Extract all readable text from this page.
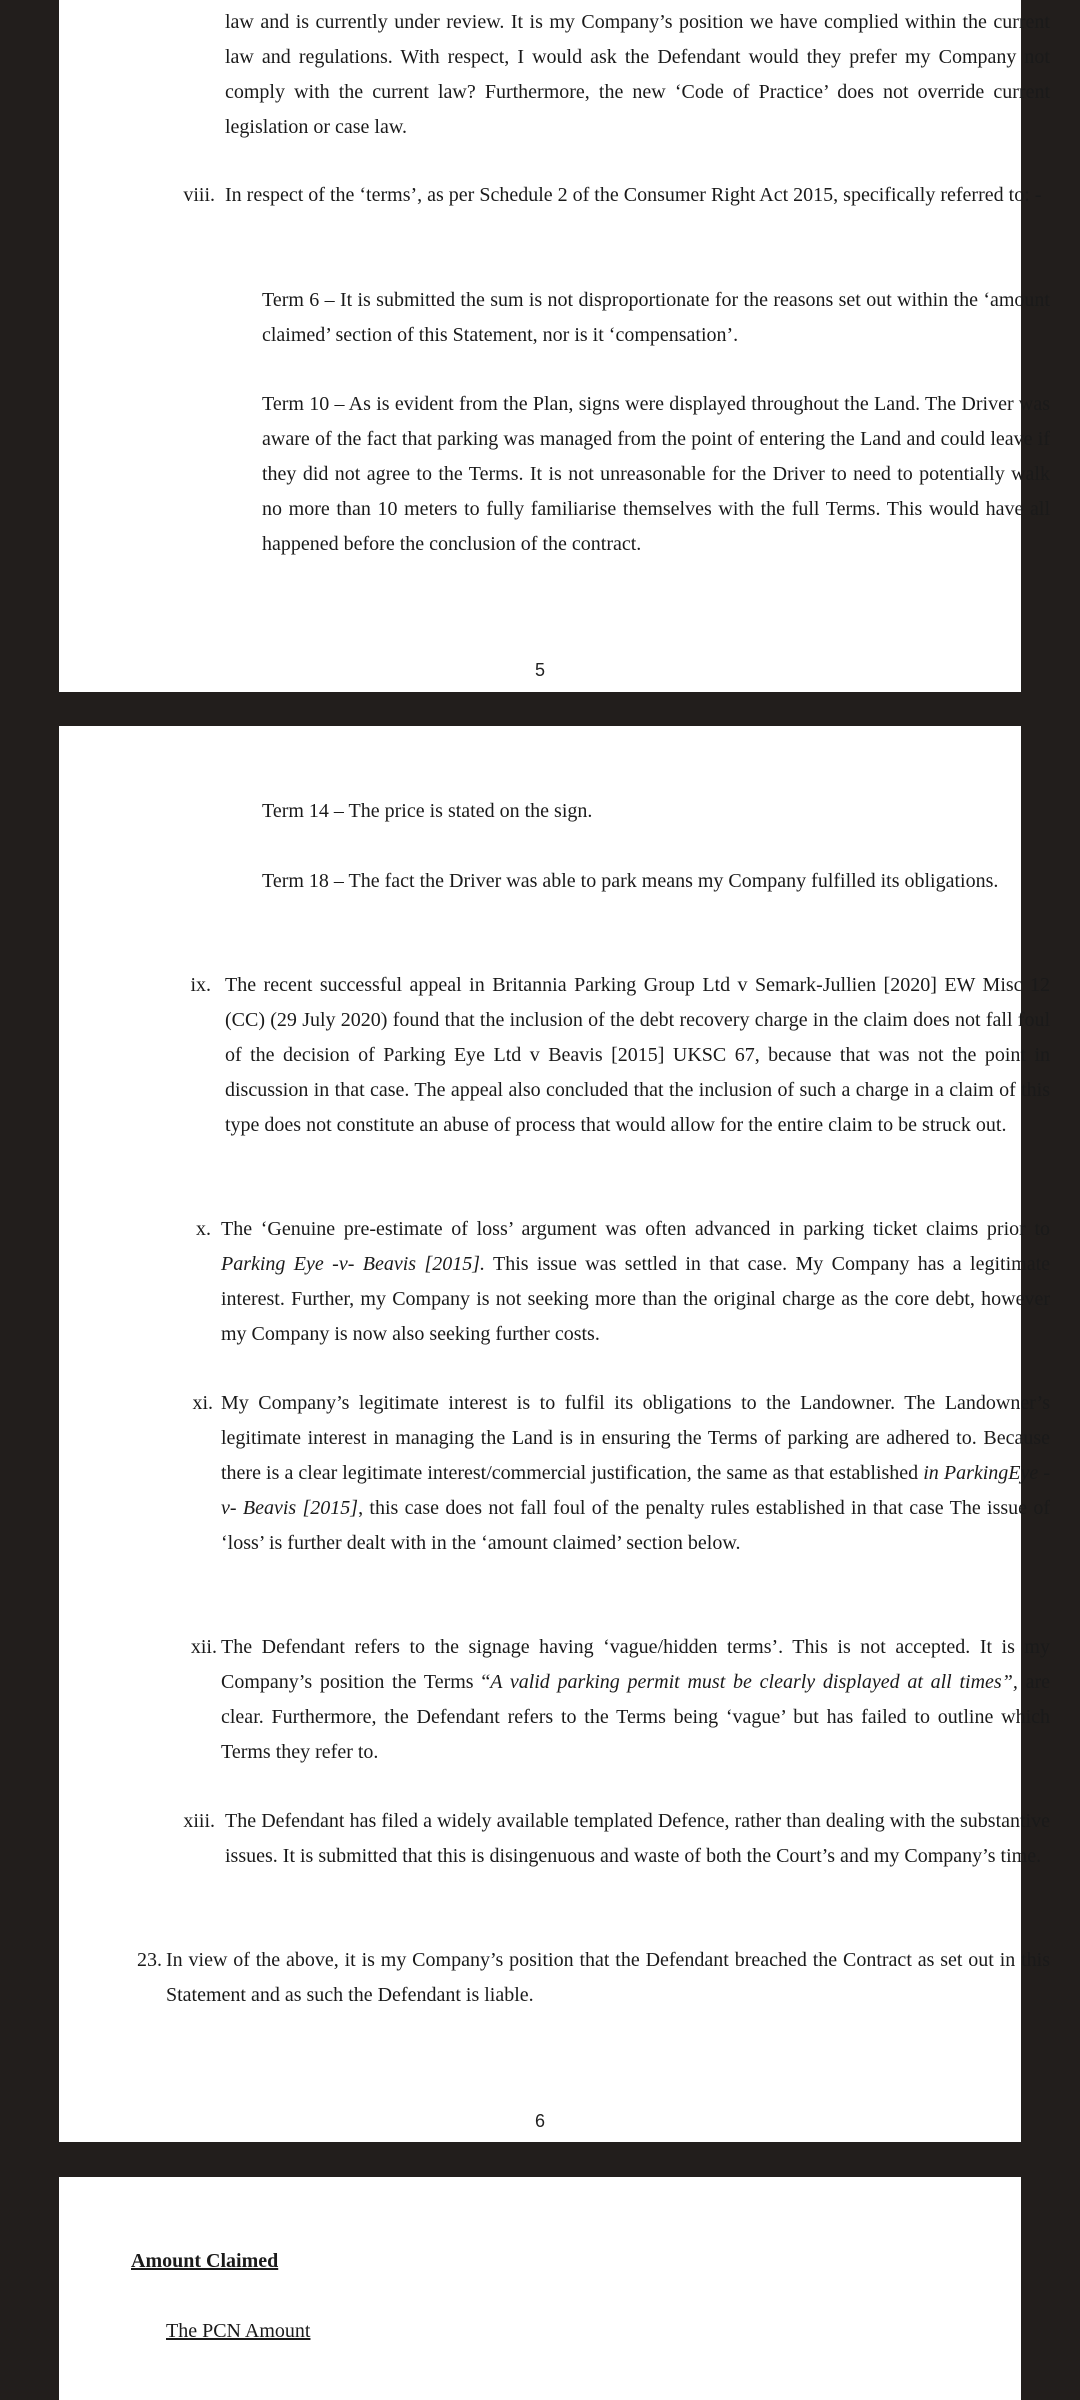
law and is currently under review. It is my Company’s position we have complied within the current law and regulations. With respect, I would ask the Defendant would they prefer my Company not comply with the current law? Furthermore, the new ‘Code of Practice’ does not override current legislation or case law.

viii. In respect of the ‘terms’, as per Schedule 2 of the Consumer Right Act 2015, specifically referred to: -

Term 6 – It is submitted the sum is not disproportionate for the reasons set out within the ‘amount claimed’ section of this Statement, nor is it ‘compensation’.

Term 10 – As is evident from the Plan, signs were displayed throughout the Land. The Driver was aware of the fact that parking was managed from the point of entering the Land and could leave if they did not agree to the Terms. It is not unreasonable for the Driver to need to potentially walk no more than 10 meters to fully familiarise themselves with the full Terms. This would have all happened before the conclusion of the contract.

5

Term 14 – The price is stated on the sign.

Term 18 – The fact the Driver was able to park means my Company fulfilled its obligations.

ix. The recent successful appeal in Britannia Parking Group Ltd v Semark-Jullien [2020] EW Misc 12 (CC) (29 July 2020) found that the inclusion of the debt recovery charge in the claim does not fall foul of the decision of Parking Eye Ltd v Beavis [2015] UKSC 67, because that was not the point in discussion in that case. The appeal also concluded that the inclusion of such a charge in a claim of this type does not constitute an abuse of process that would allow for the entire claim to be struck out.

x. The ‘Genuine pre-estimate of loss’ argument was often advanced in parking ticket claims prior to Parking Eye -v- Beavis [2015]. This issue was settled in that case. My Company has a legitimate interest. Further, my Company is not seeking more than the original charge as the core debt, however my Company is now also seeking further costs.

xi. My Company’s legitimate interest is to fulfil its obligations to the Landowner. The Landowner’s legitimate interest in managing the Land is in ensuring the Terms of parking are adhered to. Because there is a clear legitimate interest/commercial justification, the same as that established in ParkingEye -v- Beavis [2015], this case does not fall foul of the penalty rules established in that case The issue of ‘loss’ is further dealt with in the ‘amount claimed’ section below.

xii. The Defendant refers to the signage having ‘vague/hidden terms’. This is not accepted. It is my Company’s position the Terms “A valid parking permit must be clearly displayed at all times”, are clear. Furthermore, the Defendant refers to the Terms being ‘vague’ but has failed to outline which Terms they refer to.

xiii. The Defendant has filed a widely available templated Defence, rather than dealing with the substantive issues. It is submitted that this is disingenuous and waste of both the Court’s and my Company’s time.

23. In view of the above, it is my Company’s position that the Defendant breached the Contract as set out in this Statement and as such the Defendant is liable.

6
Amount Claimed
The PCN Amount
